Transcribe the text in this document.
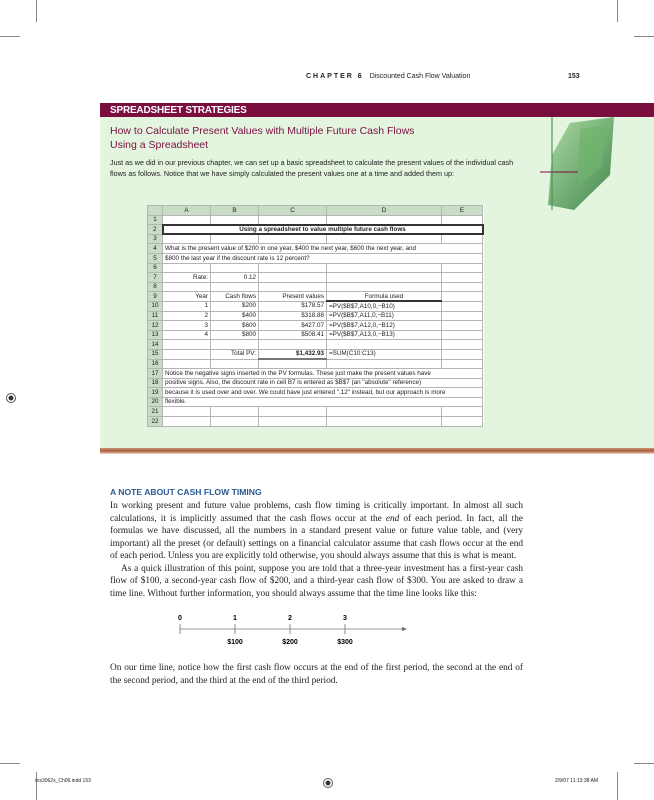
CHAPTER 6 Discounted Cash Flow Valuation	153
SPREADSHEET STRATEGIES
How to Calculate Present Values with Multiple Future Cash Flows Using a Spreadsheet
Just as we did in our previous chapter, we can set up a basic spreadsheet to calculate the present values of the individual cash flows as follows. Notice that we have simply calculated the present values one at a time and added them up:
	A	B	C	D	E
1					
2	Using a spreadsheet to value multiple future cash flows				
3					
4	What is the present value of $200 in one year, $400 the next year, $600 the next year, and				
5	$800 the last year if the discount rate is 12 percent?				
6					
7	Rate:	0.12			
8					
9	Year	Cash flows	Present values	Formula used	
10	1	$200	$178.57	=PV($B$7,A10,0,−B10)	
11	2	$400	$318.88	=PV($B$7,A11,0,−B11)	
12	3	$600	$427.07	=PV($B$7,A12,0,−B12)	
13	4	$800	$508.41	=PV($B$7,A13,0,−B13)	
14					
15		Total PV:	$1,432.93	=SUM(C10:C13)	
16					
17	Notice the negative signs inserted in the PV formulas. These just make the present values have				
18	positive signs. Also, the discount rate in cell B7 is entered as $B$7 (an "absolute" reference)				
19	because it is used over and over. We could have just entered ".12" instead, but our approach is more				
20	flexible.				
21					
22					
A NOTE ABOUT CASH FLOW TIMING
In working present and future value problems, cash flow timing is critically important. In almost all such calculations, it is implicitly assumed that the cash flows occur at the end of each period. In fact, all the formulas we have discussed, all the numbers in a standard present value or future value table, and (very important) all the preset (or default) settings on a financial calculator assume that cash flows occur at the end of each period. Unless you are explicitly told otherwise, you should always assume that this is what is meant.
As a quick illustration of this point, suppose you are told that a three-year investment has a first-year cash flow of $100, a second-year cash flow of $200, and a third-year cash flow of $300. You are asked to draw a time line. Without further information, you should always assume that the time line looks like this:
0	1
$100
2
$200
3
$300
On our time line, notice how the first cash flow occurs at the end of the first period, the second at the end of the second period, and the third at the end of the third period.
ros3062x_Ch06.indd 153	2/9/07 11:13:38 AM
